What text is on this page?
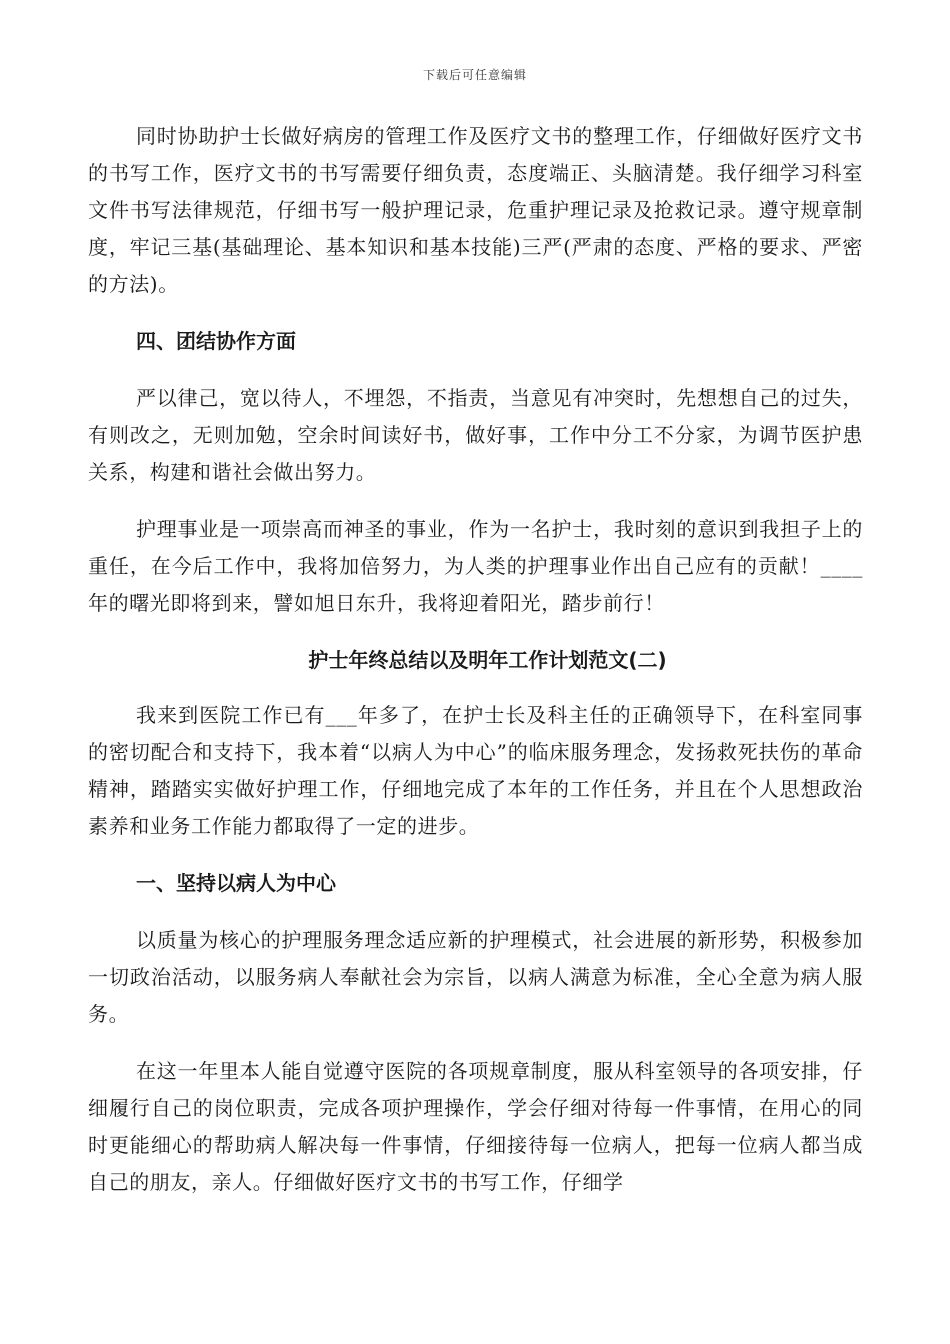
下载后可任意编辑

同时协助护士长做好病房的管理工作及医疗文书的整理工作，仔细做好医疗文书的书写工作，医疗文书的书写需要仔细负责，态度端正、头脑清楚。我仔细学习科室文件书写法律规范，仔细书写一般护理记录，危重护理记录及抢救记录。遵守规章制度，牢记三基(基础理论、基本知识和基本技能)三严(严肃的态度、严格的要求、严密的方法)。

四、团结协作方面

严以律己，宽以待人，不埋怨，不指责，当意见有冲突时，先想想自己的过失，有则改之，无则加勉，空余时间读好书，做好事，工作中分工不分家，为调节医护患关系，构建和谐社会做出努力。

护理事业是一项崇高而神圣的事业，作为一名护士，我时刻的意识到我担子上的重任，在今后工作中，我将加倍努力，为人类的护理事业作出自己应有的贡献！____年的曙光即将到来，譬如旭日东升，我将迎着阳光，踏步前行！

护士年终总结以及明年工作计划范文(二)

我来到医院工作已有___年多了，在护士长及科主任的正确领导下，在科室同事的密切配合和支持下，我本着“以病人为中心”的临床服务理念，发扬救死扶伤的革命精神，踏踏实实做好护理工作，仔细地完成了本年的工作任务，并且在个人思想政治素养和业务工作能力都取得了一定的进步。

一、坚持以病人为中心

以质量为核心的护理服务理念适应新的护理模式，社会进展的新形势，积极参加一切政治活动，以服务病人奉献社会为宗旨，以病人满意为标准，全心全意为病人服务。

在这一年里本人能自觉遵守医院的各项规章制度，服从科室领导的各项安排，仔细履行自己的岗位职责，完成各项护理操作，学会仔细对待每一件事情，在用心的同时更能细心的帮助病人解决每一件事情，仔细接待每一位病人，把每一位病人都当成自己的朋友，亲人。仔细做好医疗文书的书写工作，仔细学
